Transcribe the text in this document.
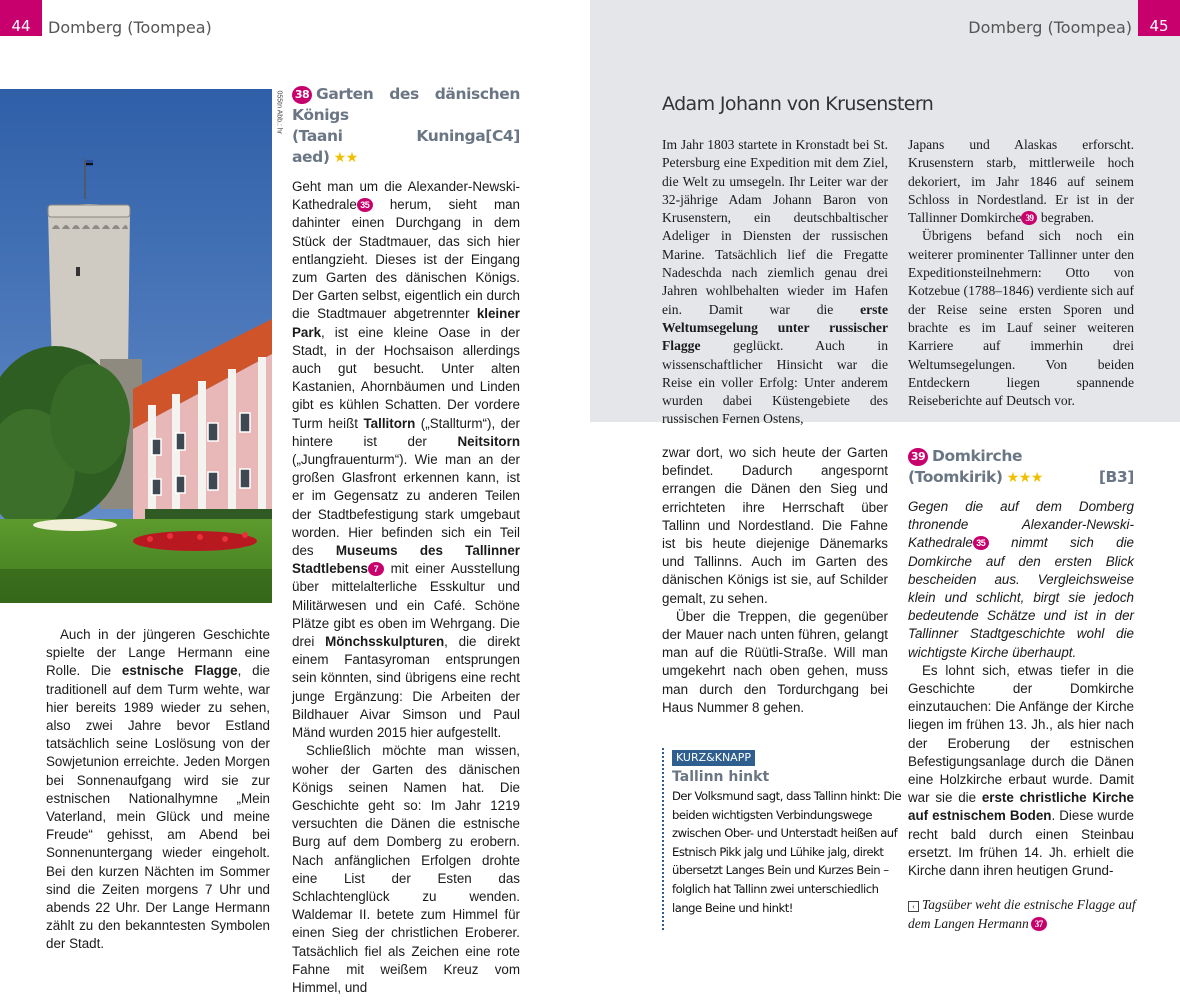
44	Domberg (Toompea)
055tn Abb.: hr 38 Garten des dänischen Königs
(Taani Kuninga aed) ★★
[C4]

Geht man um die Alexander-Newski-Kathedrale 35 herum, sieht man dahinter einen Durchgang in dem Stück der Stadtmauer, das sich hier entlangzieht. Dieses ist der Eingang zum Garten des dänischen Königs. Der Garten selbst, eigentlich ein durch die Stadtmauer abgetrennter kleiner Park, ist eine kleine Oase in der Stadt, in der Hochsaison allerdings auch gut besucht. Unter alten Kastanien, Ahornbäumen und Linden gibt es kühlen Schatten. Der vordere Turm heißt Tallitorn („Stallturm“), der hintere ist der Neitsitorn („Jungfrauenturm“). Wie man an der großen Glasfront erkennen kann, ist er im Gegensatz zu anderen Teilen der Stadtbefestigung stark umgebaut worden. Hier befinden sich ein Teil des Museums des Tallinner Stadtlebens 7 mit einer Ausstellung über mittelalterliche Esskultur und Militärwesen und ein Café. Schöne Plätze gibt es oben im Wehrgang. Die drei Mönchsskulpturen, die direkt einem Fantasyroman entsprungen sein könnten, sind übrigens eine recht junge Ergänzung: Die Arbeiten der Bildhauer Aivar Simson und Paul Mänd wurden 2015 hier aufgestellt.

Schließlich möchte man wissen, woher der Garten des dänischen Königs seinen Namen hat. Die Geschichte geht so: Im Jahr 1219 versuchten die Dänen die estnische Burg auf dem Domberg zu erobern. Nach anfänglichen Erfolgen drohte eine List der Esten das Schlachtenglück zu wenden. Waldemar II. betete zum Himmel für einen Sieg der christlichen Eroberer. Tatsächlich fiel als Zeichen eine rote Fahne mit weißem Kreuz vom Himmel, und

Auch in der jüngeren Geschichte spielte der Lange Hermann eine Rolle. Die estnische Flagge, die traditionell auf dem Turm wehte, war hier bereits 1989 wieder zu sehen, also zwei Jahre bevor Estland tatsächlich seine Loslösung von der Sowjetunion erreichte. Jeden Morgen bei Sonnenaufgang wird sie zur estnischen Nationalhymne „Mein Vaterland, mein Glück und meine Freude“ gehisst, am Abend bei Sonnenuntergang wieder eingeholt. Bei den kurzen Nächten im Sommer sind die Zeiten morgens 7 Uhr und abends 22 Uhr. Der Lange Hermann zählt zu den bekanntesten Symbolen der Stadt.

45
Domberg (Toompea)
Adam Johann von Krusenstern

Im Jahr 1803 startete in Kronstadt bei St. Petersburg eine Expedition mit dem Ziel, die Welt zu umsegeln. Ihr Leiter war der 32-jährige Adam Johann Baron von Krusenstern, ein deutschbaltischer Adeliger in Diensten der russischen Marine. Tatsächlich lief die Fregatte Nadeschda nach ziemlich genau drei Jahren wohlbehalten wieder im Hafen ein. Damit war die erste Weltumsegelung unter russischer Flagge geglückt. Auch in wissenschaftlicher Hinsicht war die Reise ein voller Erfolg: Unter anderem wurden dabei Küstengebiete des russischen Fernen Ostens,

Japans und Alaskas erforscht. Krusenstern starb, mittlerweile hoch dekoriert, im Jahr 1846 auf seinem Schloss in Nordestland. Er ist in der Tallinner Domkirche 39 begraben.

Übrigens befand sich noch ein weiterer prominenter Tallinner unter den Expeditionsteilnehmern: Otto von Kotzebue (1788–1846) verdiente sich auf der Reise seine ersten Sporen und brachte es im Lauf seiner weiteren Karriere auf immerhin drei Weltumsegelungen. Von beiden Entdeckern liegen spannende Reiseberichte auf Deutsch vor.

zwar dort, wo sich heute der Garten befindet. Dadurch angespornt errangen die Dänen den Sieg und errichteten ihre Herrschaft über Tallinn und Nordestland. Die Fahne ist bis heute diejenige Dänemarks und Tallinns. Auch im Garten des dänischen Königs ist sie, auf Schilder gemalt, zu sehen.

Über die Treppen, die gegenüber der Mauer nach unten führen, gelangt man auf die Rüütli-Straße. Will man umgekehrt nach oben gehen, muss man durch den Tordurchgang bei Haus Nummer 8 gehen.

39 Domkirche
(Toomkirik) ★★★	[B3]

Gegen die auf dem Domberg thronende Alexander-Newski-Kathedrale 35 nimmt sich die Domkirche auf den ersten Blick bescheiden aus. Vergleichsweise klein und schlicht, birgt sie jedoch bedeutende Schätze und ist in der Tallinner Stadtgeschichte wohl die wichtigste Kirche überhaupt.

Es lohnt sich, etwas tiefer in die Geschichte der Domkirche einzutauchen: Die Anfänge der Kirche liegen im frühen 13. Jh., als hier nach der Eroberung der estnischen Befestigungsanlage durch die Dänen eine Holzkirche erbaut wurde. Damit war sie die erste christliche Kirche auf estnischem Boden. Diese wurde recht bald durch einen Steinbau ersetzt. Im frühen 14. Jh. erhielt die Kirche dann ihren heutigen Grund-

KURZ&KNAPP
Tallinn hinkt
Der Volksmund sagt, dass Tallinn hinkt: Die beiden wichtigsten Verbindungswege zwischen Ober- und Unterstadt heißen auf Estnisch Pikk jalg und Lühike jalg, direkt übersetzt Langes Bein und Kurzes Bein – folglich hat Tallinn zwei unterschiedlich lange Beine und hinkt!	‹ Tagsüber weht die estnische Flagge auf dem Langen Hermann 37
